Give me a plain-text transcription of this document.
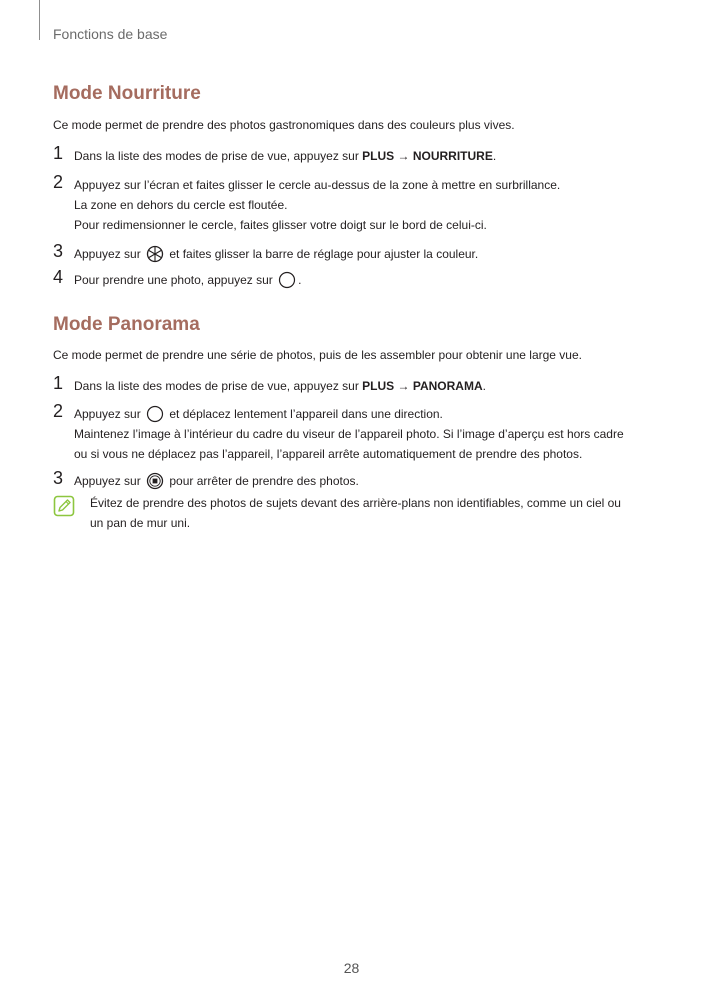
Fonctions de base
Mode Nourriture
Ce mode permet de prendre des photos gastronomiques dans des couleurs plus vives.
1 Dans la liste des modes de prise de vue, appuyez sur PLUS → NOURRITURE.
2 Appuyez sur l’écran et faites glisser le cercle au-dessus de la zone à mettre en surbrillance.
La zone en dehors du cercle est floutée.
Pour redimensionner le cercle, faites glisser votre doigt sur le bord de celui-ci.
3 Appuyez sur  et faites glisser la barre de réglage pour ajuster la couleur.
4 Pour prendre une photo, appuyez sur .
Mode Panorama
Ce mode permet de prendre une série de photos, puis de les assembler pour obtenir une large vue.
1 Dans la liste des modes de prise de vue, appuyez sur PLUS → PANORAMA.
2 Appuyez sur  et déplacez lentement l’appareil dans une direction.
Maintenez l’image à l’intérieur du cadre du viseur de l’appareil photo. Si l’image d’aperçu est hors cadre
ou si vous ne déplacez pas l’appareil, l’appareil arrête automatiquement de prendre des photos.
3 Appuyez sur  pour arrêter de prendre des photos.
Évitez de prendre des photos de sujets devant des arrière-plans non identifiables, comme un ciel ou
un pan de mur uni.
28
